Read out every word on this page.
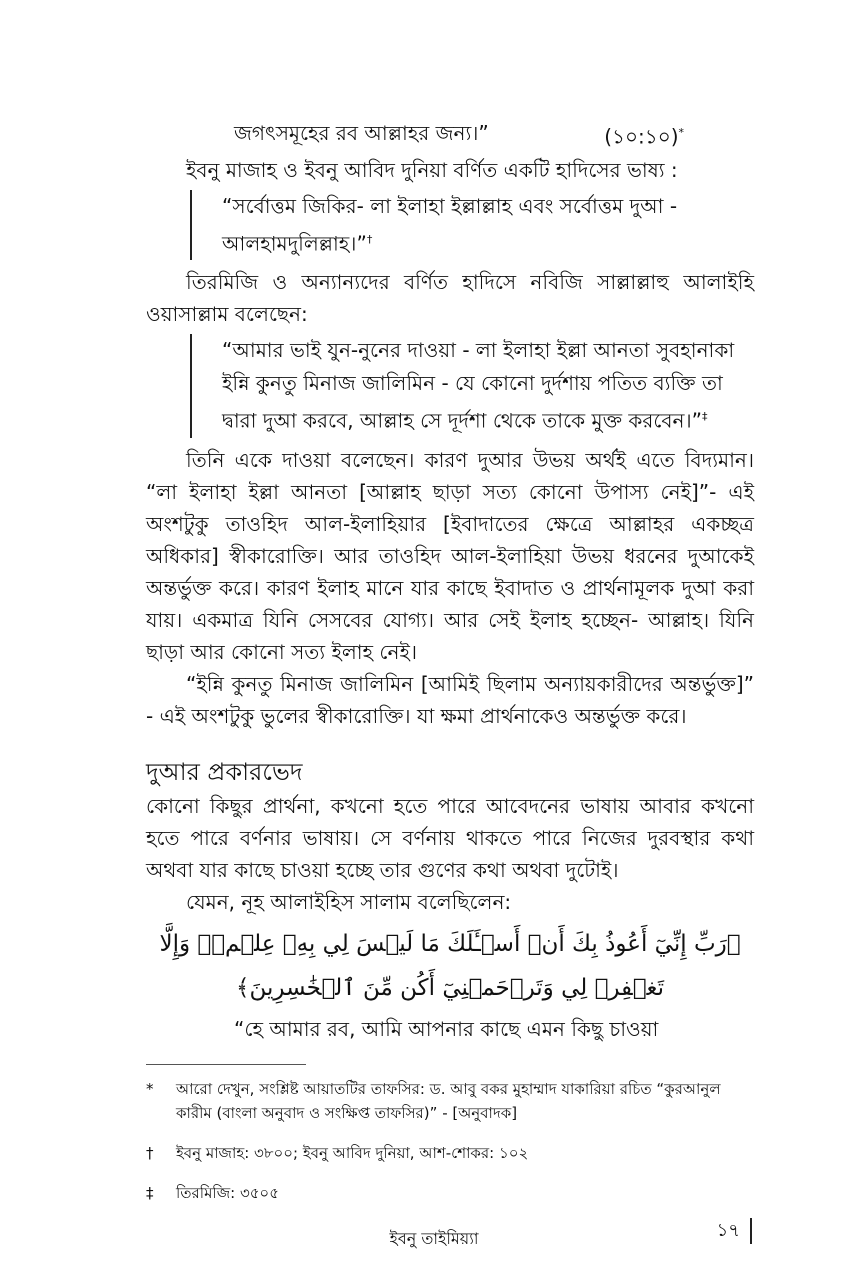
জগৎসমূহের রব আল্লাহর জন্য।”	(১০:১০)*

ইবনু মাজাহ ও ইবনু আবিদ দুনিয়া বর্ণিত একটি হাদিসের ভাষ্য :

“সর্বোত্তম জিকির- লা ইলাহা ইল্লাল্লাহ এবং সর্বোত্তম দুআ - আলহামদুলিল্লাহ।”†

তিরমিজি ও অন্যান্যদের বর্ণিত হাদিসে নবিজি সাল্লাল্লাহু আলাইহি ওয়াসাল্লাম বলেছেন:

“আমার ভাই যুন-নুনের দাওয়া - লা ইলাহা ইল্লা আনতা সুবহানাকা ইন্নি কুনতু মিনাজ জালিমিন - যে কোনো দুর্দশায় পতিত ব্যক্তি তা দ্বারা দুআ করবে, আল্লাহ সে দূর্দশা থেকে তাকে মুক্ত করবেন।”‡

তিনি একে দাওয়া বলেছেন। কারণ দুআর উভয় অর্থই এতে বিদ্যমান। “লা ইলাহা ইল্লা আনতা [আল্লাহ ছাড়া সত্য কোনো উপাস্য নেই]”- এই অংশটুকু তাওহিদ আল-ইলাহিয়ার [ইবাদাতের ক্ষেত্রে আল্লাহর একচ্ছত্র অধিকার] স্বীকারোক্তি। আর তাওহিদ আল-ইলাহিয়া উভয় ধরনের দুআকেই অন্তর্ভুক্ত করে। কারণ ইলাহ মানে যার কাছে ইবাদাত ও প্রার্থনামূলক দুআ করা যায়। একমাত্র যিনি সেসবের যোগ্য। আর সেই ইলাহ হচ্ছেন- আল্লাহ। যিনি ছাড়া আর কোনো সত্য ইলাহ নেই।

“ইন্নি কুনতু মিনাজ জালিমিন [আমিই ছিলাম অন্যায়কারীদের অন্তর্ভুক্ত]” - এই অংশটুকু ভুলের স্বীকারোক্তি। যা ক্ষমা প্রার্থনাকেও অন্তর্ভুক্ত করে।

দুআর প্রকারভেদ

কোনো কিছুর প্রার্থনা, কখনো হতে পারে আবেদনের ভাষায় আবার কখনো হতে পারে বর্ণনার ভাষায়। সে বর্ণনায় থাকতে পারে নিজের দুরবস্থার কথা অথবা যার কাছে চাওয়া হচ্ছে তার গুণের কথা অথবা দুটোই।

যেমন, নূহ আলাইহিস সালাম বলেছিলেন:

﴿رَبِّ إِنِّيٓ أَعُوذُ بِكَ أَنۡ أَسۡـَٔلَكَ مَا لَيۡسَ لِي بِهِۦ عِلۡمٞۖ وَإِلَّا
تَغۡفِرۡ لِي وَتَرۡحَمۡنِيٓ أَكُن مِّنَ ٱلۡخَٰسِرِينَ﴾
“হে আমার রব, আমি আপনার কাছে এমন কিছু চাওয়া
*	আরো দেখুন, সংশ্লিষ্ট আয়াতটির তাফসির: ড. আবু বকর মুহাম্মাদ যাকারিয়া রচিত “কুরআনুল কারীম (বাংলা অনুবাদ ও সংক্ষিপ্ত তাফসির)” - [অনুবাদক]
†	ইবনু মাজাহ: ৩৮০০; ইবনু আবিদ দুনিয়া, আশ-শোকর: ১০২
‡	তিরমিজি: ৩৫০৫
ইবনু তাইমিয়্যা	১৭
